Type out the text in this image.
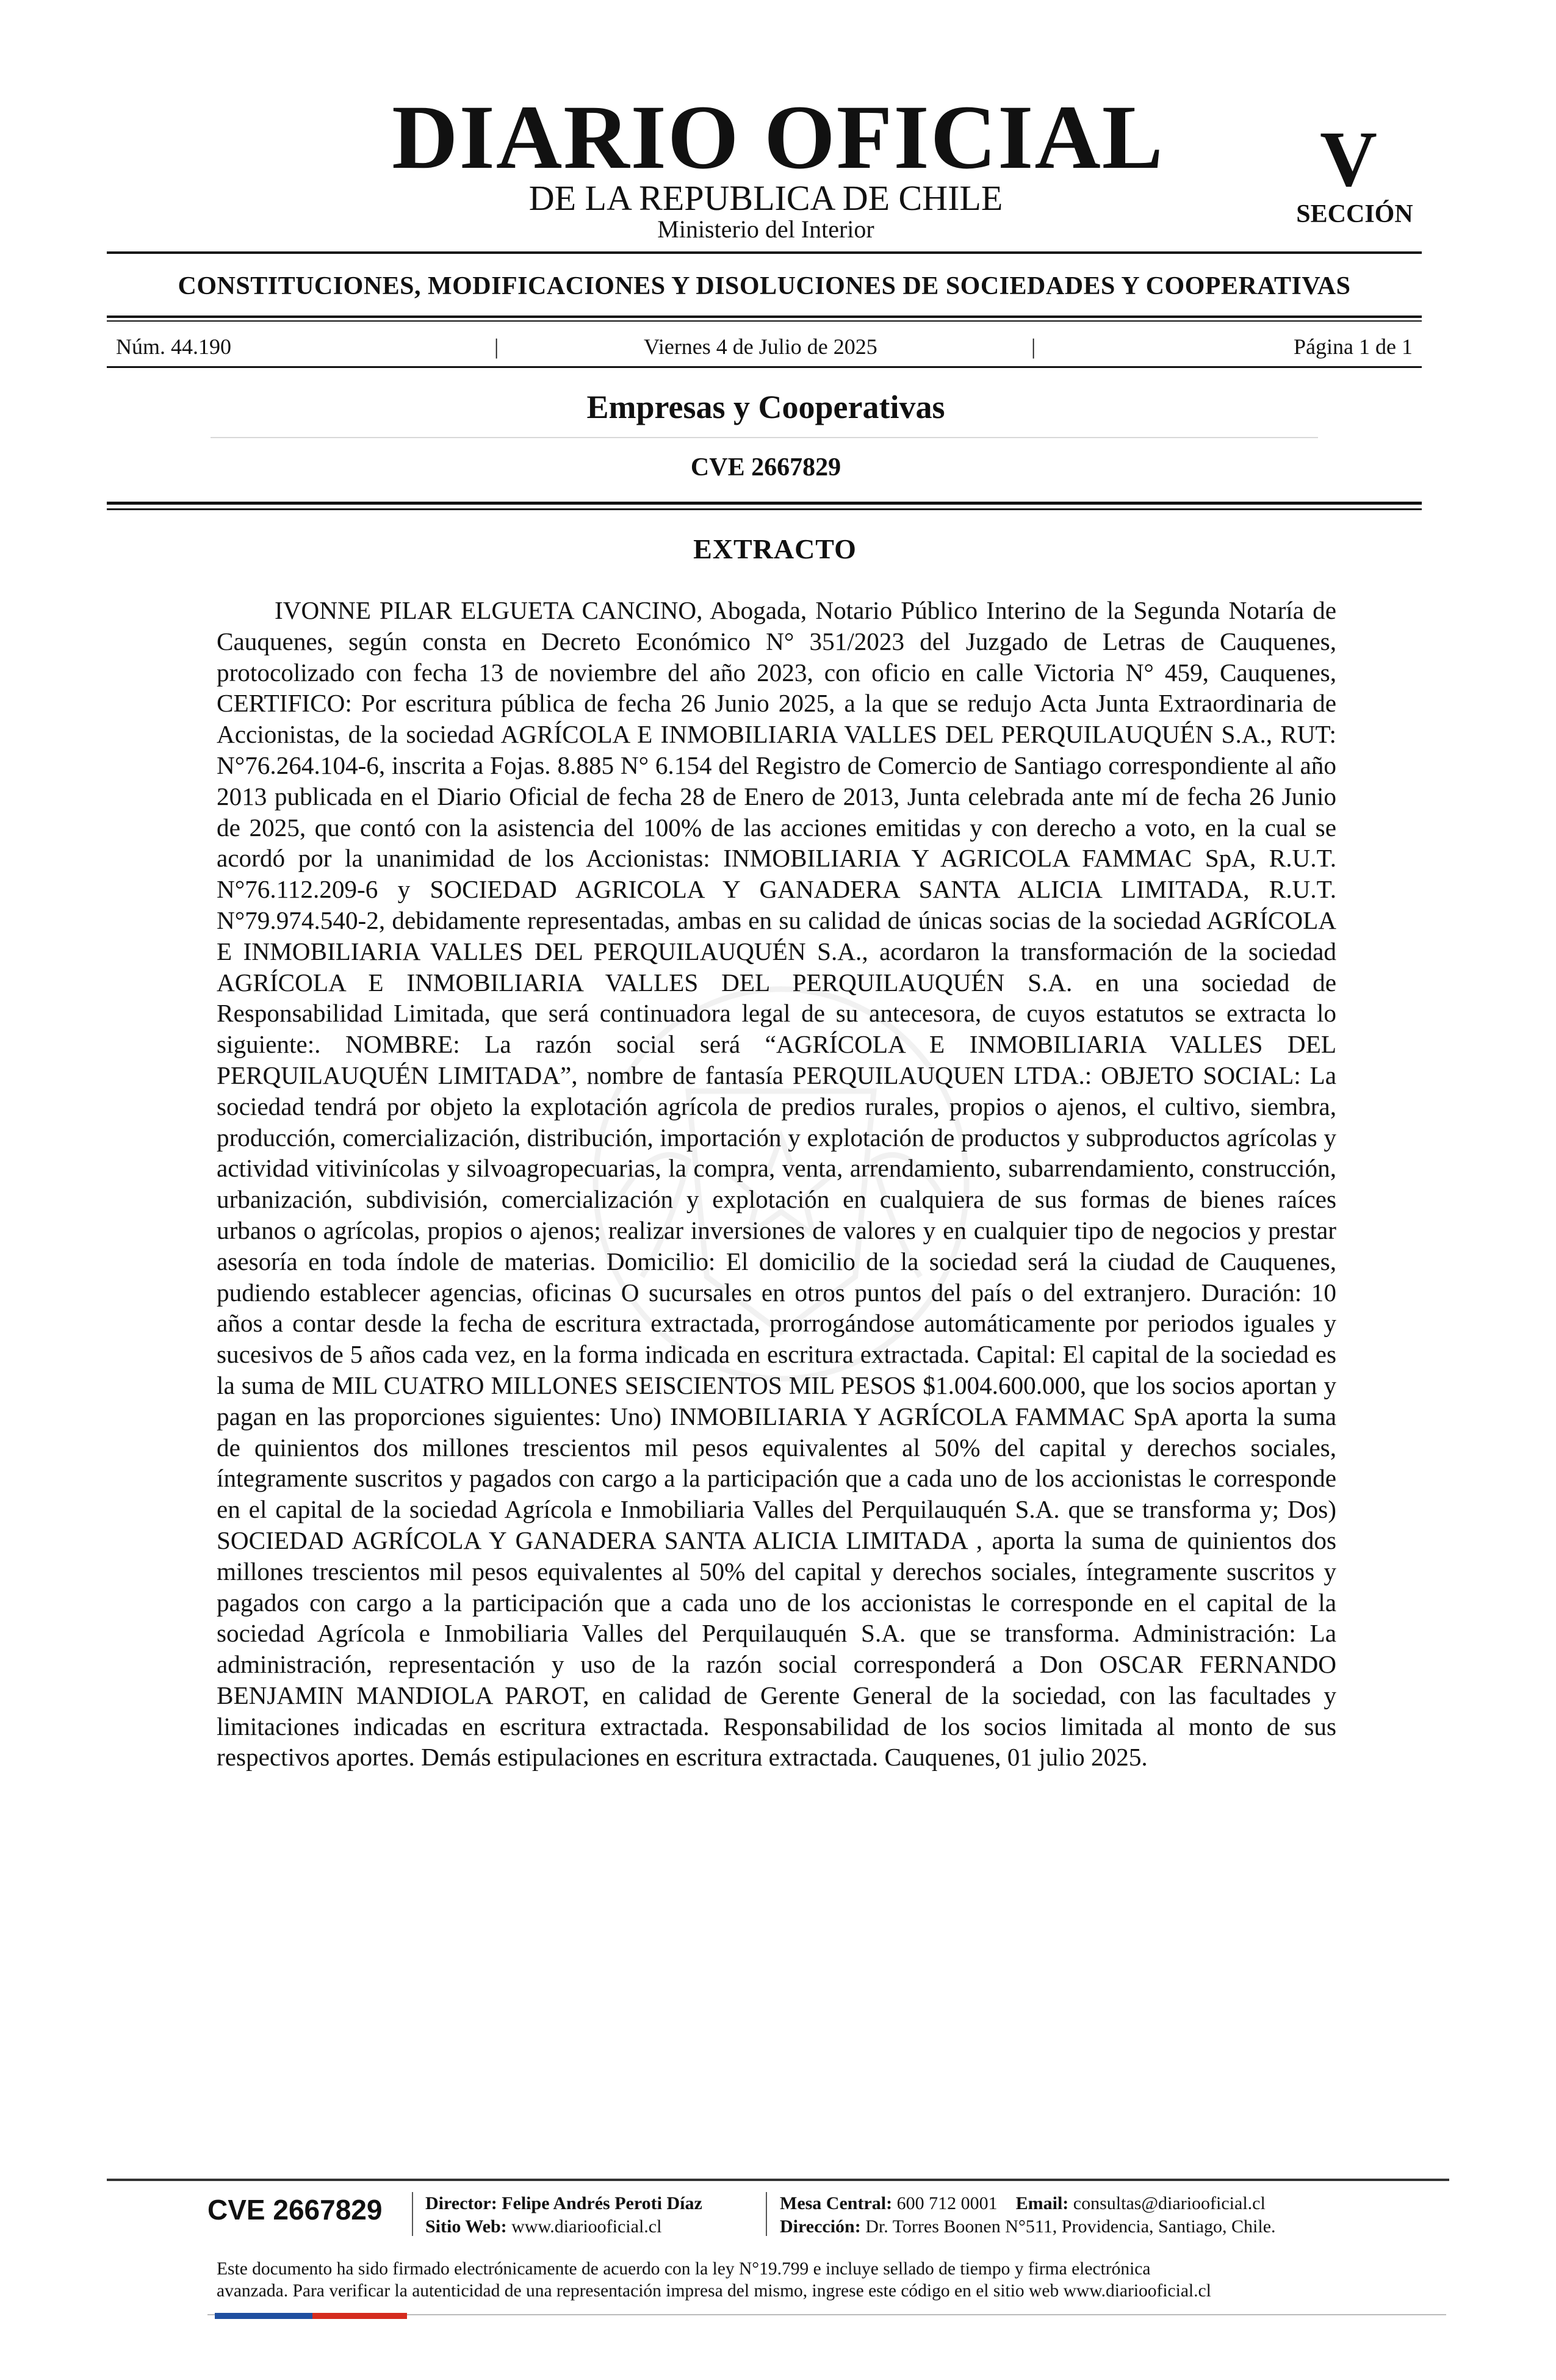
DIARIO OFICIAL
DE LA REPUBLICA DE CHILE
Ministerio del Interior
V
SECCIÓN
CONSTITUCIONES, MODIFICACIONES Y DISOLUCIONES DE SOCIEDADES Y COOPERATIVAS
Núm. 44.190	|	Viernes 4 de Julio de 2025	|	Página 1 de 1
Empresas y Cooperativas
CVE 2667829
EXTRACTO
IVONNE PILAR ELGUETA CANCINO, Abogada, Notario Público Interino de la Segunda Notaría de Cauquenes, según consta en Decreto Económico N° 351/2023 del Juzgado de Letras de Cauquenes, protocolizado con fecha 13 de noviembre del año 2023, con oficio en calle Victoria N° 459, Cauquenes, CERTIFICO: Por escritura pública de fecha 26 Junio 2025, a la que se redujo Acta Junta Extraordinaria de Accionistas, de la sociedad AGRÍCOLA E INMOBILIARIA VALLES DEL PERQUILAUQUÉN S.A., RUT: N°76.264.104-6, inscrita a Fojas. 8.885 N° 6.154 del Registro de Comercio de Santiago correspondiente al año 2013 publicada en el Diario Oficial de fecha 28 de Enero de 2013, Junta celebrada ante mí de fecha 26 Junio de 2025, que contó con la asistencia del 100% de las acciones emitidas y con derecho a voto, en la cual se acordó por la unanimidad de los Accionistas: INMOBILIARIA Y AGRICOLA FAMMAC SpA, R.U.T. N°76.112.209-6 y SOCIEDAD AGRICOLA Y GANADERA SANTA ALICIA LIMITADA, R.U.T. N°79.974.540-2, debidamente representadas, ambas en su calidad de únicas socias de la sociedad AGRÍCOLA E INMOBILIARIA VALLES DEL PERQUILAUQUÉN S.A., acordaron la transformación de la sociedad AGRÍCOLA E INMOBILIARIA VALLES DEL PERQUILAUQUÉN S.A. en una sociedad de Responsabilidad Limitada, que será continuadora legal de su antecesora, de cuyos estatutos se extracta lo siguiente:. NOMBRE: La razón social será “AGRÍCOLA E INMOBILIARIA VALLES DEL PERQUILAUQUÉN LIMITADA”, nombre de fantasía PERQUILAUQUEN LTDA.: OBJETO SOCIAL: La sociedad tendrá por objeto la explotación agrícola de predios rurales, propios o ajenos, el cultivo, siembra, producción, comercialización, distribución, importación y explotación de productos y subproductos agrícolas y actividad vitivinícolas y silvoagropecuarias, la compra, venta, arrendamiento, subarrendamiento, construcción, urbanización, subdivisión, comercialización y explotación en cualquiera de sus formas de bienes raíces urbanos o agrícolas, propios o ajenos; realizar inversiones de valores y en cualquier tipo de negocios y prestar asesoría en toda índole de materias. Domicilio: El domicilio de la sociedad será la ciudad de Cauquenes, pudiendo establecer agencias, oficinas O sucursales en otros puntos del país o del extranjero. Duración: 10 años a contar desde la fecha de escritura extractada, prorrogándose automáticamente por periodos iguales y sucesivos de 5 años cada vez, en la forma indicada en escritura extractada. Capital: El capital de la sociedad es la suma de MIL CUATRO MILLONES SEISCIENTOS MIL PESOS $1.004.600.000, que los socios aportan y pagan en las proporciones siguientes: Uno) INMOBILIARIA Y AGRÍCOLA FAMMAC SpA aporta la suma de quinientos dos millones trescientos mil pesos equivalentes al 50% del capital y derechos sociales, íntegramente suscritos y pagados con cargo a la participación que a cada uno de los accionistas le corresponde en el capital de la sociedad Agrícola e Inmobiliaria Valles del Perquilauquén S.A. que se transforma y; Dos) SOCIEDAD AGRÍCOLA Y GANADERA SANTA ALICIA LIMITADA , aporta la suma de quinientos dos millones trescientos mil pesos equivalentes al 50% del capital y derechos sociales, íntegramente suscritos y pagados con cargo a la participación que a cada uno de los accionistas le corresponde en el capital de la sociedad Agrícola e Inmobiliaria Valles del Perquilauquén S.A. que se transforma. Administración: La administración, representación y uso de la razón social corresponderá a Don OSCAR FERNANDO BENJAMIN MANDIOLA PAROT, en calidad de Gerente General de la sociedad, con las facultades y limitaciones indicadas en escritura extractada. Responsabilidad de los socios limitada al monto de sus respectivos aportes. Demás estipulaciones en escritura extractada. Cauquenes, 01 julio 2025.
CVE 2667829 Director: Felipe Andrés Peroti Díaz
Sitio Web: www.diariooficial.cl
Mesa Central: 600 712 0001 Email: consultas@diariooficial.cl
Dirección: Dr. Torres Boonen N°511, Providencia, Santiago, Chile.
Este documento ha sido firmado electrónicamente de acuerdo con la ley N°19.799 e incluye sellado de tiempo y firma electrónica
avanzada. Para verificar la autenticidad de una representación impresa del mismo, ingrese este código en el sitio web www.diariooficial.cl
